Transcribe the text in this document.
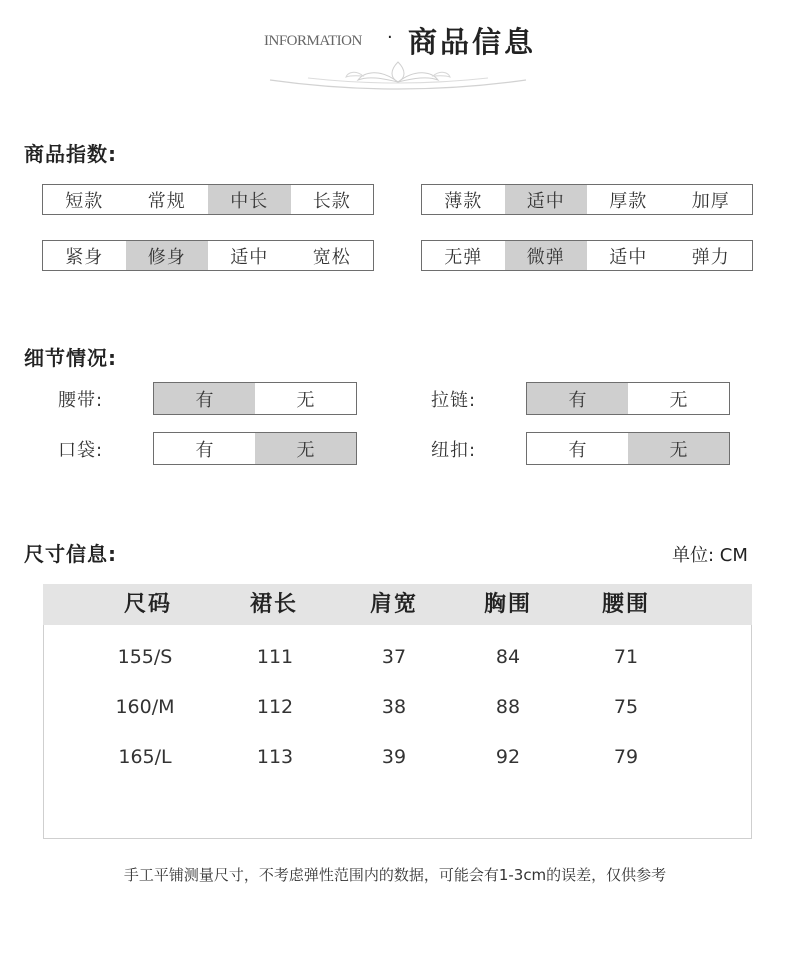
INFORMATION · 商品信息
商品指数:
短款	常规	中长	长款	薄款	适中	厚款	加厚
紧身	修身	适中	宽松	无弹	微弹	适中	弹力
细节情况:
腰带:	有	无	拉链:	有	无
口袋:	有	无	纽扣:	有	无
尺寸信息:	单位: CM
尺码	裙长	肩宽	胸围	腰围
155/S	111	37	84	71
160/M	112	38	88	75
165/L	113	39	92	79
手工平铺测量尺寸，不考虑弹性范围内的数据，可能会有1-3cm的误差，仅供参考
